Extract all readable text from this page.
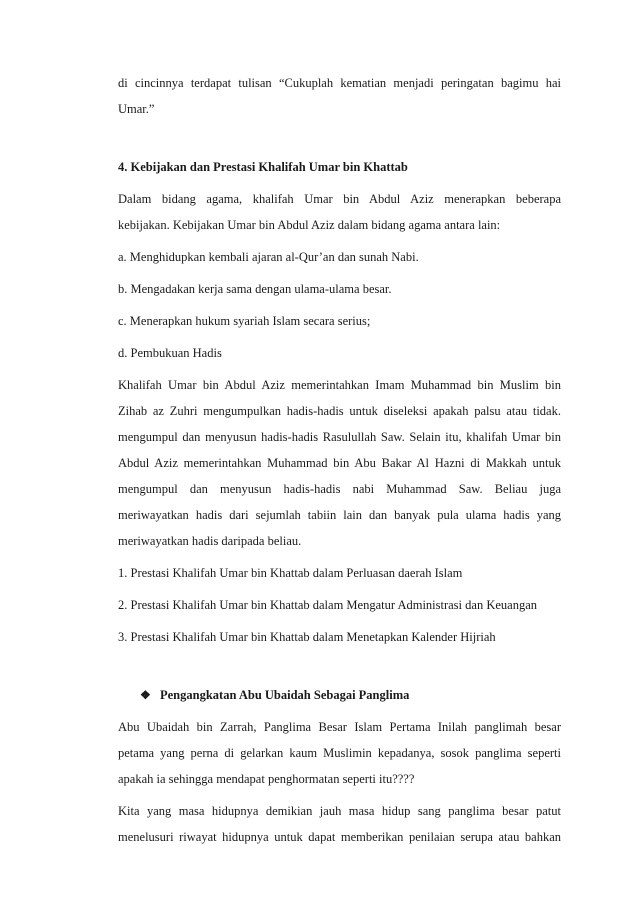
di cincinnya terdapat tulisan “Cukuplah kematian menjadi peringatan bagimu hai
Umar.”
4. Kebijakan dan Prestasi Khalifah Umar bin Khattab
Dalam bidang agama, khalifah Umar bin Abdul Aziz menerapkan beberapa
kebijakan. Kebijakan Umar bin Abdul Aziz dalam bidang agama antara lain:
a. Menghidupkan kembali ajaran al-Qur’an dan sunah Nabi.
b. Mengadakan kerja sama dengan ulama-ulama besar.
c. Menerapkan hukum syariah Islam secara serius;
d. Pembukuan Hadis
Khalifah Umar bin Abdul Aziz memerintahkan Imam Muhammad bin Muslim bin
Zihab az Zuhri mengumpulkan hadis-hadis untuk diseleksi apakah palsu atau tidak.
mengumpul dan menyusun hadis-hadis Rasulullah Saw. Selain itu, khalifah Umar bin
Abdul Aziz memerintahkan Muhammad bin Abu Bakar Al Hazni di Makkah untuk
mengumpul dan menyusun hadis-hadis nabi Muhammad Saw. Beliau juga
meriwayatkan hadis dari sejumlah tabiin lain dan banyak pula ulama hadis yang
meriwayatkan hadis daripada beliau.
1. Prestasi Khalifah Umar bin Khattab dalam Perluasan daerah Islam
2. Prestasi Khalifah Umar bin Khattab dalam Mengatur Administrasi dan Keuangan
3. Prestasi Khalifah Umar bin Khattab dalam Menetapkan Kalender Hijriah
❖ Pengangkatan Abu Ubaidah Sebagai Panglima
Abu Ubaidah bin Zarrah, Panglima Besar Islam Pertama Inilah panglimah besar
petama yang perna di gelarkan kaum Muslimin kepadanya, sosok panglima seperti
apakah ia sehingga mendapat penghormatan seperti itu????
Kita yang masa hidupnya demikian jauh masa hidup sang panglima besar patut
menelusuri riwayat hidupnya untuk dapat memberikan penilaian serupa atau bahkan
